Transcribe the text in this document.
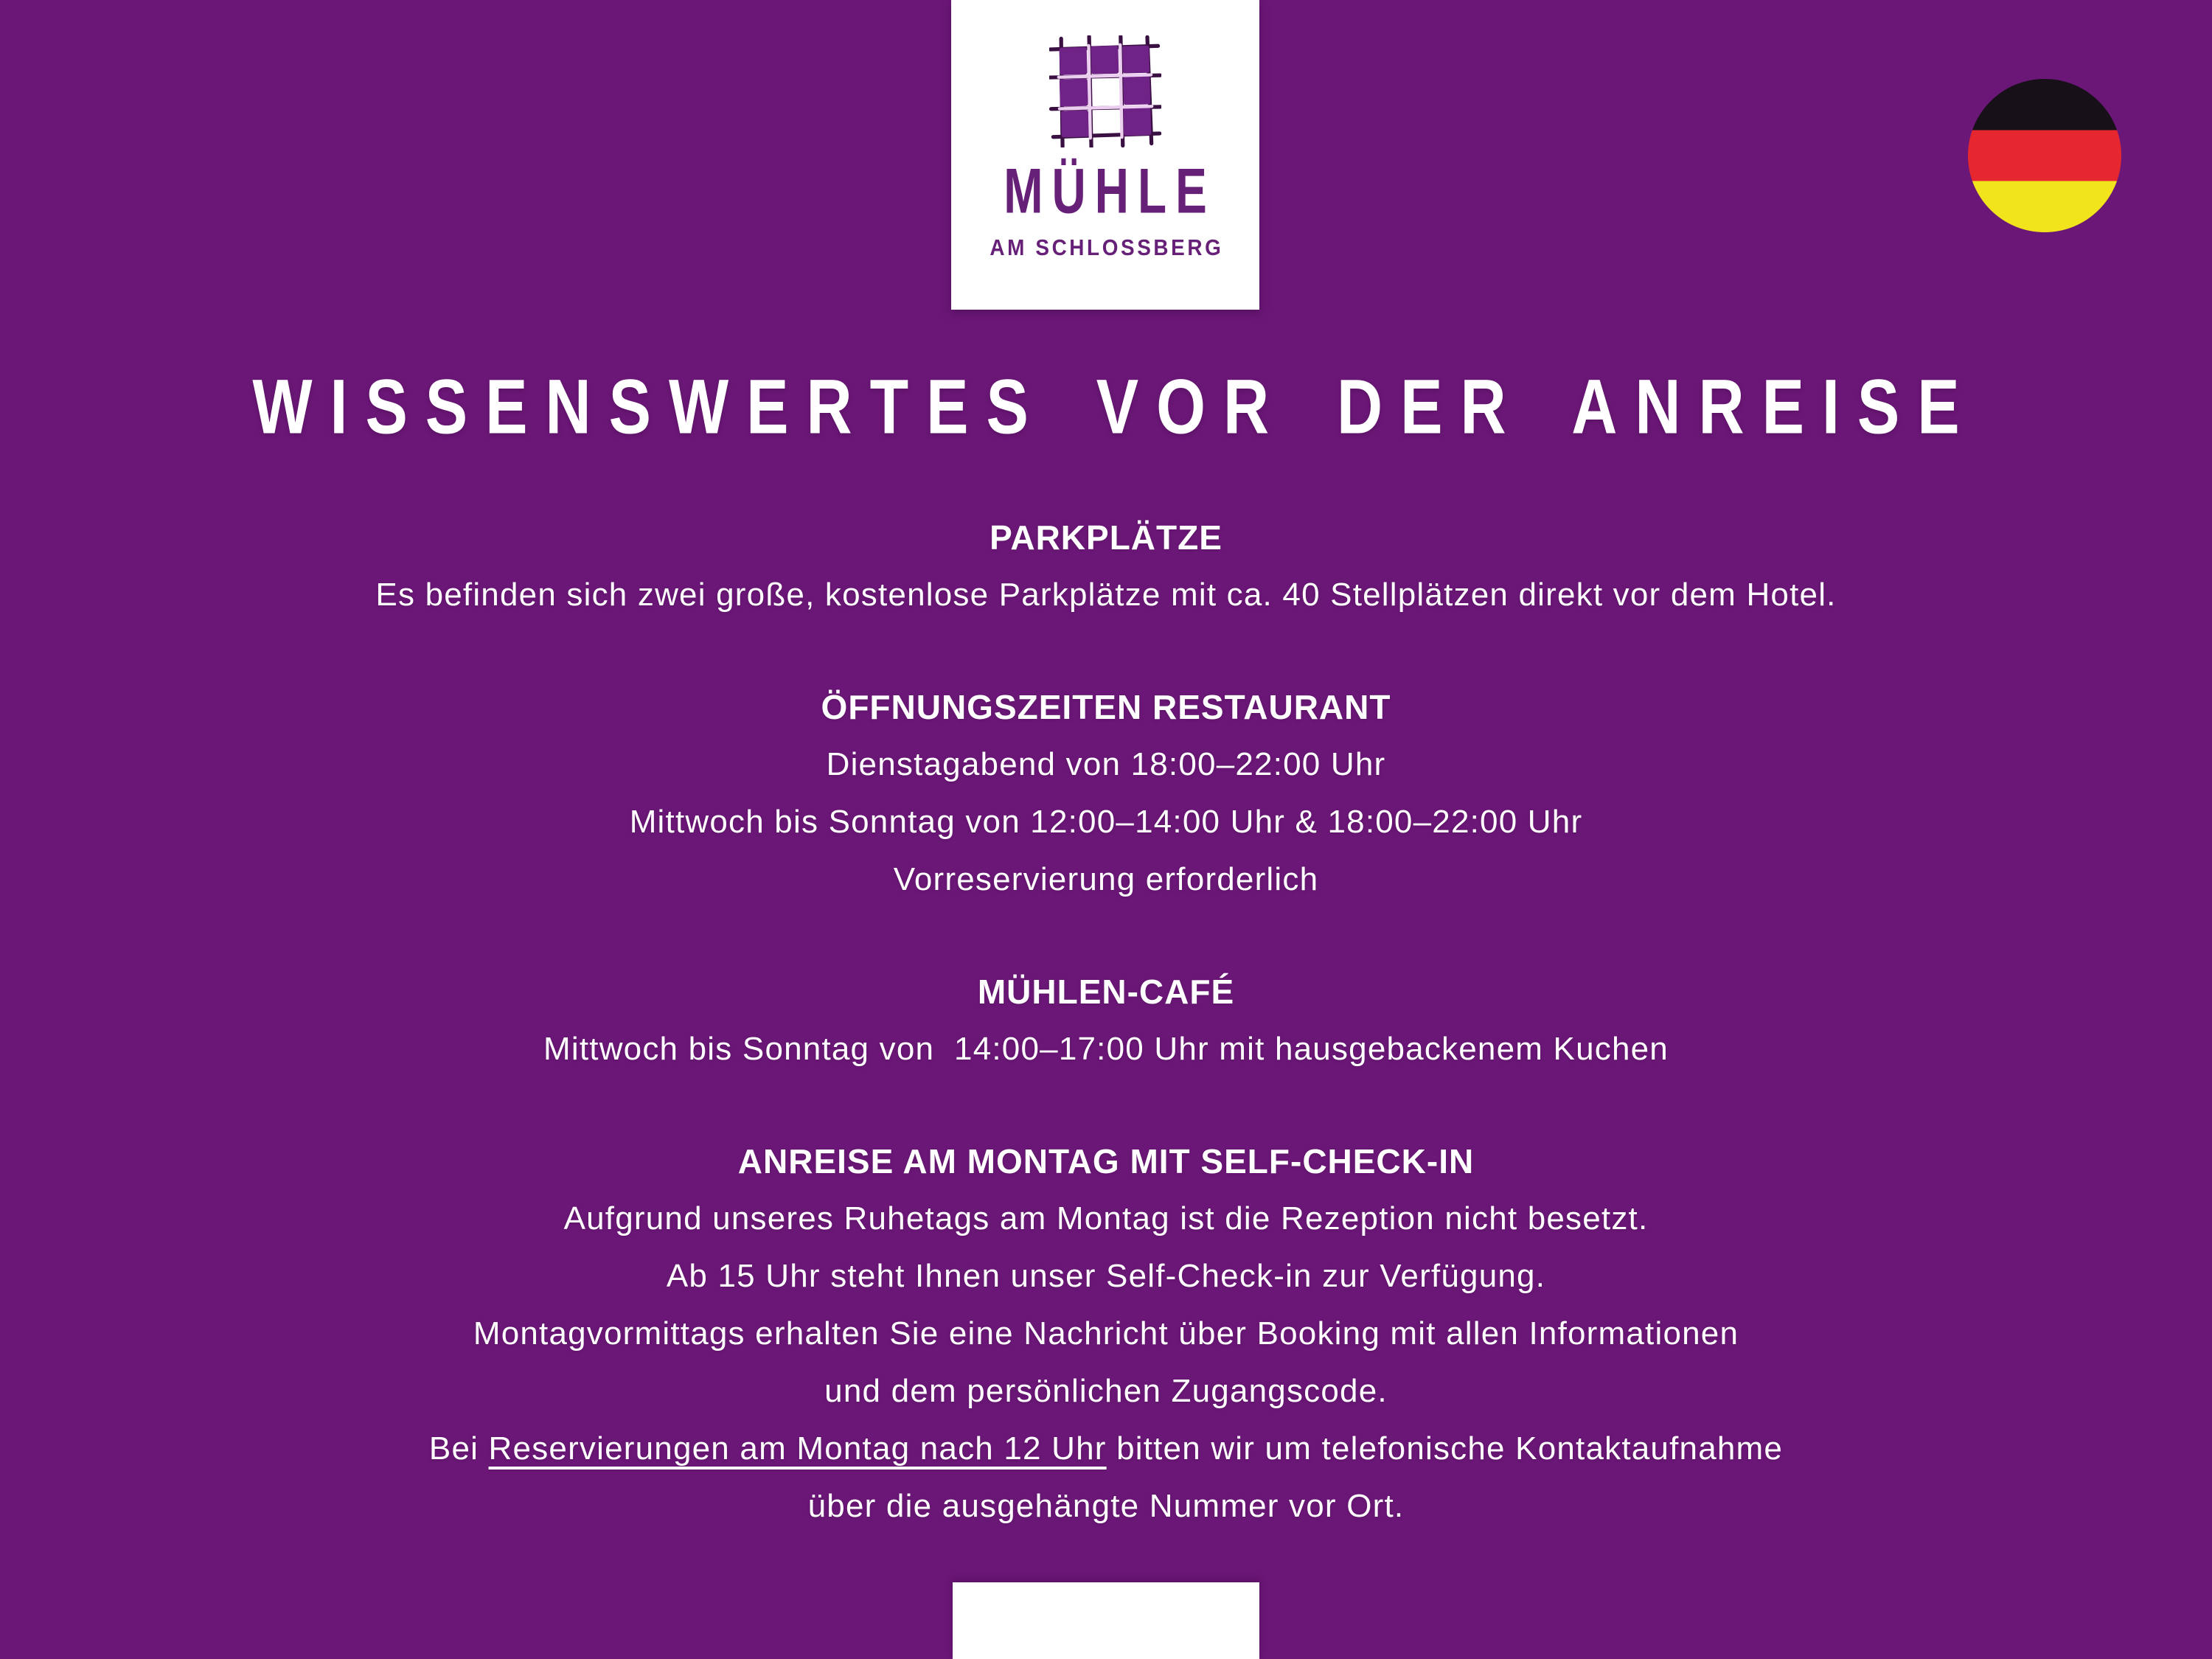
MÜHLE
AM SCHLOSSBERG
WISSENSWERTES VOR DER ANREISE
PARKPLÄTZE
Es befinden sich zwei große, kostenlose Parkplätze mit ca. 40 Stellplätzen direkt vor dem Hotel.
ÖFFNUNGSZEITEN RESTAURANT
Dienstagabend von 18:00–22:00 Uhr
Mittwoch bis Sonntag von 12:00–14:00 Uhr & 18:00–22:00 Uhr
Vorreservierung erforderlich
MÜHLEN-CAFÉ
Mittwoch bis Sonntag von  14:00–17:00 Uhr mit hausgebackenem Kuchen
ANREISE AM MONTAG MIT SELF-CHECK-IN
Aufgrund unseres Ruhetags am Montag ist die Rezeption nicht besetzt.
Ab 15 Uhr steht Ihnen unser Self-Check-in zur Verfügung.
Montagvormittags erhalten Sie eine Nachricht über Booking mit allen Informationen
und dem persönlichen Zugangscode.
Bei Reservierungen am Montag nach 12 Uhr bitten wir um telefonische Kontaktaufnahme
über die ausgehängte Nummer vor Ort.
